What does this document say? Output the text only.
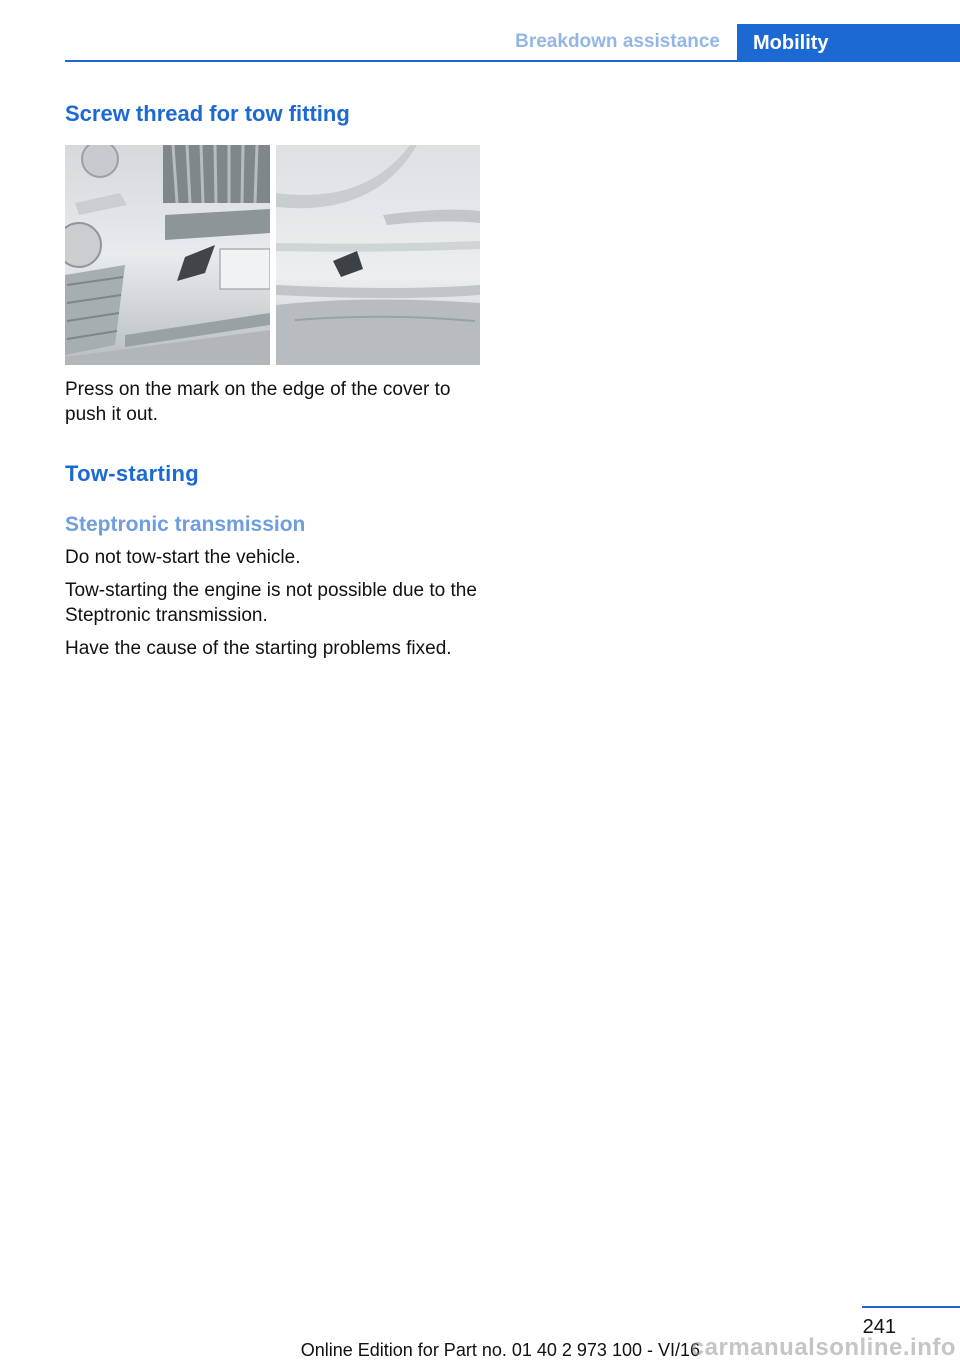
Breakdown assistance	Mobility
Screw thread for tow fitting

Press on the mark on the edge of the cover to push it out.

Tow-starting
Steptronic transmission

Do not tow-start the vehicle.

Tow-starting the engine is not possible due to the Steptronic transmission.

Have the cause of the starting problems fixed.

241
Online Edition for Part no. 01 40 2 973 100 - VI/16
carmanualsonline.info
